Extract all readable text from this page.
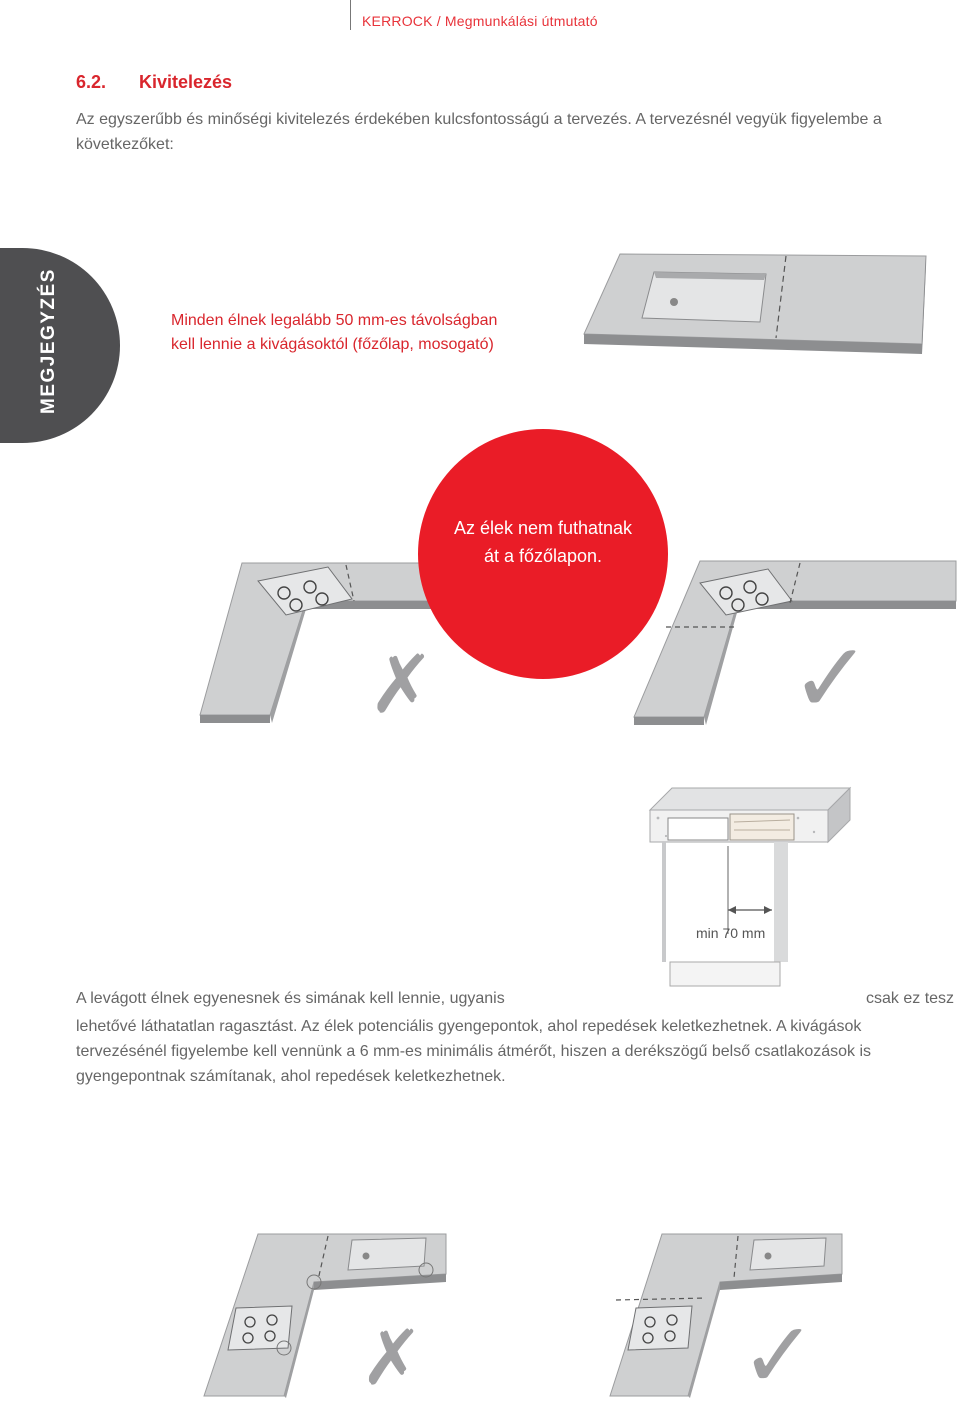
KERROCK / Megmunkálási útmutató
6.2. Kivitelezés
Az egyszerűbb és minőségi kivitelezés érdekében kulcsfontosságú a tervezés. A tervezésnél vegyük figyelembe a következőket:
MEGJEGYZÉS	Minden élnek legalább 50 mm-es távolságban kell lennie a kivágásoktól (főzőlap, mosogató)
✗	✓
Az élek nem futhatnak át a főzőlapon.
min 70 mm
A levágott élnek egyenesnek és simának kell lennie, ugyanis	csak ez tesz
lehetővé láthatatlan ragasztást. Az élek potenciális gyengepontok, ahol repedések keletkezhetnek. A kivágások tervezésénél figyelembe kell vennünk a 6 mm-es minimális átmérőt, hiszen a derékszögű belső csatlakozások is gyengepontnak számítanak, ahol repedések keletkezhetnek.
✗	✓
